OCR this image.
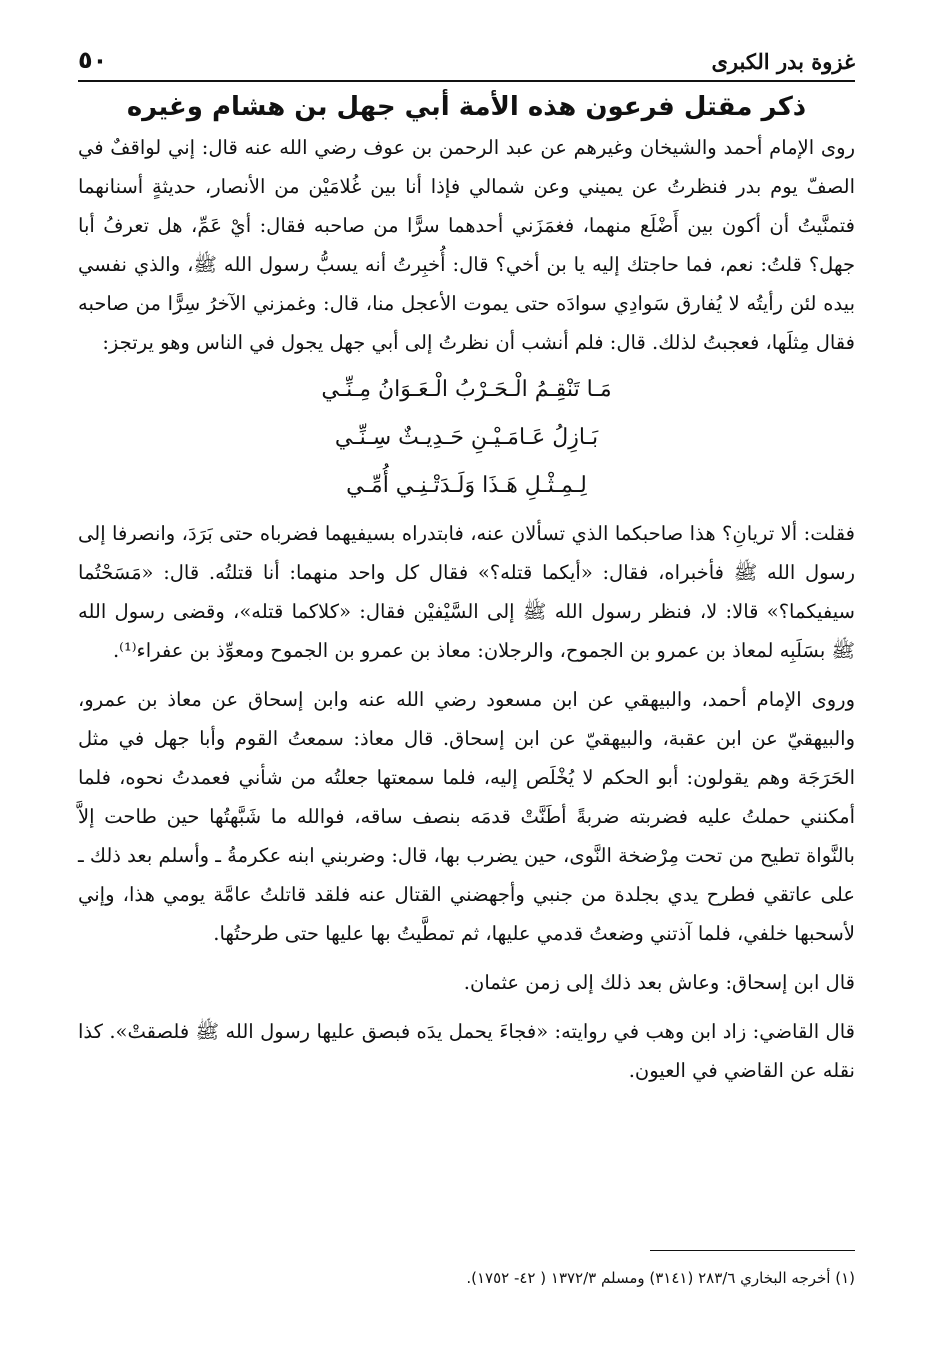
غزوة بدر الكبرى
٥٠
ذكر مقتل فرعون هذه الأمة أبي جهل بن هشام وغيره

روى الإمام أحمد والشيخان وغيرهم عن عبد الرحمن بن عوف رضي الله عنه قال: إني لواقفٌ في الصفّ يوم بدر فنظرتُ عن يميني وعن شمالي فإذا أنا بين غُلامَيْن من الأنصار، حديثةٍ أسنانهما فتمنَّيتُ أن أكون بين أَضْلَع منهما، فغمَزَني أحدهما سرًّا من صاحبه فقال: أيْ عَمِّ، هل تعرفُ أبا جهل؟ قلتُ: نعم، فما حاجتك إليه يا بن أخي؟ قال: أُخبِرتُ أنه يسبُّ رسول الله ﷺ، والذي نفسي بيده لئن رأيتُه لا يُفارق سَوادِي سوادَه حتى يموت الأعجل منا، قال: وغمزني الآخرُ سِرًّا من صاحبه فقال مِثلَها، فعجبتُ لذلك. قال: فلم أنشب أن نظرتُ إلى أبي جهل يجول في الناس وهو يرتجز:

مَـا تَنْقِـمُ الْـحَـرْبُ الْـعَـوَانُ مِـنِّـي
بَـازِلُ عَـامَـيْـنِ حَـدِيـثٌ سِـنِّـي
لِـمِـثْـلِ هَـذَا وَلَـدَتْـنِـي أُمِّـي

فقلت: ألا تريانِ؟ هذا صاحبكما الذي تسألان عنه، فابتدراه بسيفيهما فضرباه حتى بَرَدَ، وانصرفا إلى رسول الله ﷺ فأخبراه، فقال: «أيكما قتله؟» فقال كل واحد منهما: أنا قتلتُه. قال: «مَسَحْتُما سيفيكما؟» قالا: لا، فنظر رسول الله ﷺ إلى السَّيْفيْن فقال: «كلاكما قتله»، وقضى رسول الله ﷺ بسَلَبِه لمعاذ بن عمرو بن الجموح، والرجلان: معاذ بن عمرو بن الجموح ومعوِّذ بن عفراء⁽¹⁾.

وروى الإمام أحمد، والبيهقي عن ابن مسعود رضي الله عنه وابن إسحاق عن معاذ بن عمرو، والبيهقيّ عن ابن عقبة، والبيهقيّ عن ابن إسحاق. قال معاذ: سمعتُ القوم وأبا جهل في مثل الحَرَجَة وهم يقولون: أبو الحكم لا يُخْلَص إليه، فلما سمعتها جعلتُه من شأني فعمدتُ نحوه، فلما أمكنني حملتُ عليه فضربته ضربةً أطَنَّتْ قدمَه بنصف ساقه، فوالله ما شَبَّهتُها حين طاحت إلاَّ بالنَّواة تطيح من تحت مِرْضخة النَّوى، حين يضرب بها، قال: وضربني ابنه عكرمةُ ـ وأسلم بعد ذلك ـ على عاتقي فطرح يدي بجلدة من جنبي وأجهضني القتال عنه فلقد قاتلتُ عامَّة يومي هذا، وإني لأسحبها خلفي، فلما آذتني وضعتُ قدمي عليها، ثم تمطَّيتُ بها عليها حتى طرحتُها.

قال ابن إسحاق: وعاش بعد ذلك إلى زمن عثمان.

قال القاضي: زاد ابن وهب في روايته: «فجاءَ يحمل يدَه فبصق عليها رسول الله ﷺ فلصقتْ». كذا نقله عن القاضي في العيون.

(١) أخرجه البخاري ٢٨٣/٦ (٣١٤١) ومسلم ١٣٧٢/٣ ( ٤٢- ١٧٥٢).
